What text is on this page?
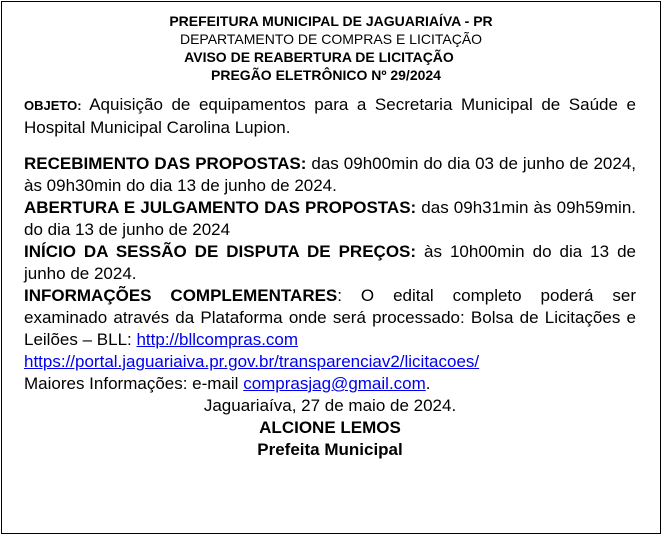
PREFEITURA MUNICIPAL DE JAGUARIAÍVA - PR
DEPARTAMENTO DE COMPRAS E LICITAÇÃO
AVISO DE REABERTURA DE LICITAÇÃO
PREGÃO ELETRÔNICO Nº 29/2024

OBJETO: Aquisição de equipamentos para a Secretaria Municipal de Saúde e Hospital Municipal Carolina Lupion.

RECEBIMENTO DAS PROPOSTAS: das 09h00min do dia 03 de junho de 2024, às 09h30min do dia 13 de junho de 2024.

ABERTURA E JULGAMENTO DAS PROPOSTAS: das 09h31min às 09h59min. do dia 13 de junho de 2024

INÍCIO DA SESSÃO DE DISPUTA DE PREÇOS: às 10h00min do dia 13 de junho de 2024.

INFORMAÇÕES COMPLEMENTARES: O edital completo poderá ser examinado através da Plataforma onde será processado: Bolsa de Licitações e Leilões – BLL: http://bllcompras.com
https://portal.jaguariaiva.pr.gov.br/transparenciav2/licitacoes/
Maiores Informações: e-mail comprasjag@gmail.com.

Jaguariaíva, 27 de maio de 2024.

ALCIONE LEMOS

Prefeita Municipal
